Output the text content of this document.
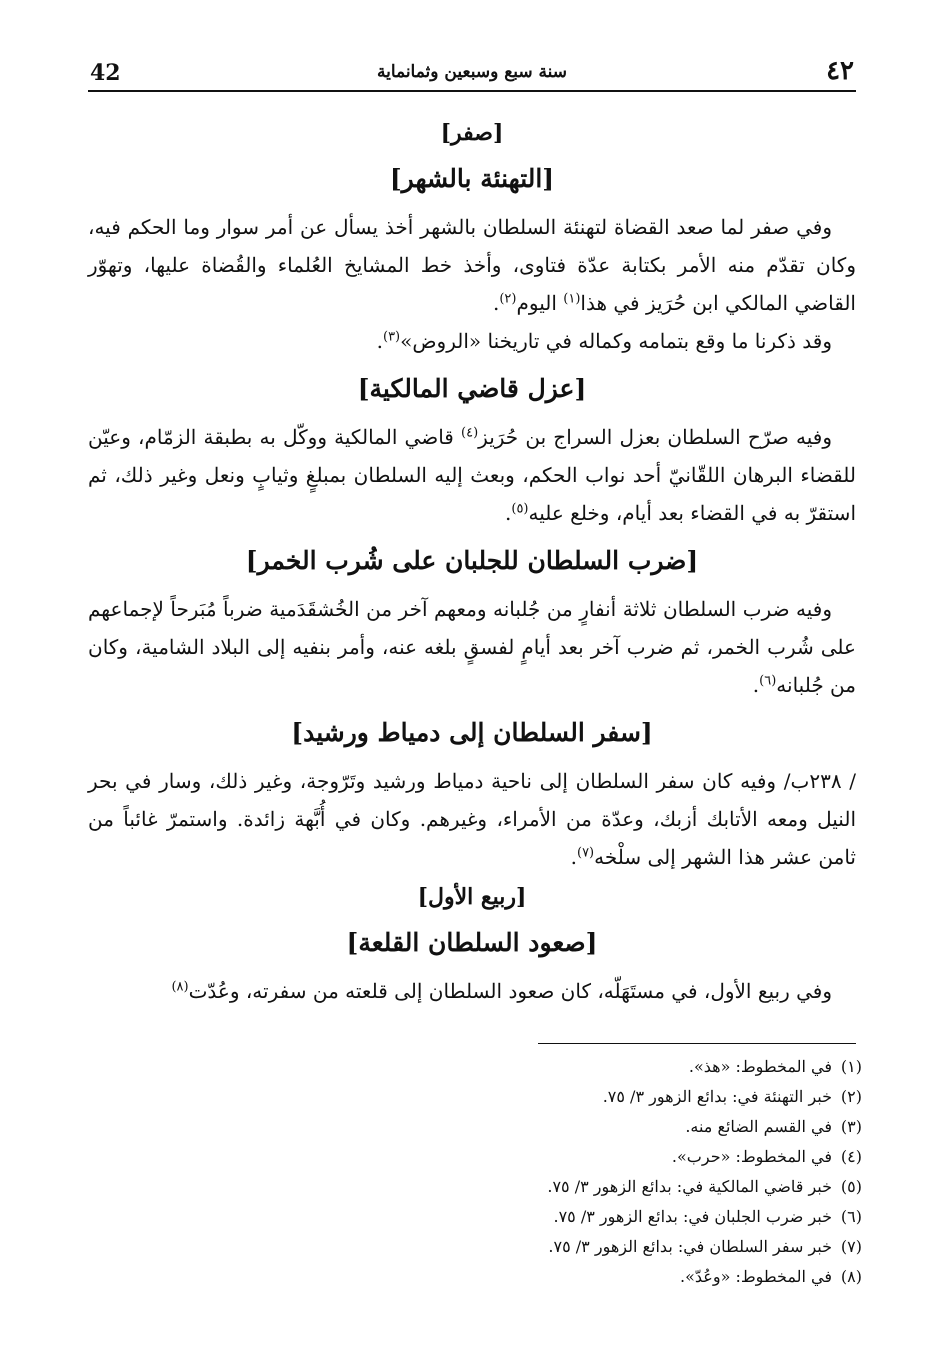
42	سنة سبع وسبعين وثمانماية	٤٢
[صفر]
[التهنئة بالشهر]

وفي صفر لما صعد القضاة لتهنئة السلطان بالشهر أخذ يسأل عن أمر سوار وما الحكم فيه، وكان تقدّم منه الأمر بكتابة عدّة فتاوى، وأخذ خط المشايخ العُلماء والقُضاة عليها، وتهوّر القاضي المالكي ابن حُرَيز في هذا$^{(١)}$ اليوم$^{(٢)}$.

وقد ذكرنا ما وقع بتمامه وكماله في تاريخنا «الروض»$^{(٣)}$.

[عزل قاضي المالكية]

وفيه صرّح السلطان بعزل السراج بن حُرَيز$^{(٤)}$ قاضي المالكية ووكّل به بطبقة الزمّام، وعيّن للقضاء البرهان اللقّانيّ أحد نواب الحكم، وبعث إليه السلطان بمبلغٍ وثيابٍ ونعل وغير ذلك، ثم استقرّ به في القضاء بعد أيام، وخلع عليه$^{(٥)}$.

[ضرب السلطان للجلبان على شُرب الخمر]

وفيه ضرب السلطان ثلاثة أنفارٍ من جُلبانه ومعهم آخر من الخُشقَدَمية ضرباً مُبَرحاً لإجماعهم على شُرب الخمر، ثم ضرب آخر بعد أيامٍ لفسقٍ بلغه عنه، وأمر بنفيه إلى البلاد الشامية، وكان من جُلبانه$^{(٦)}$.

[سفر السلطان إلى دمياط ورشيد]

/ ٢٣٨ب/ وفيه كان سفر السلطان إلى ناحية دمياط ورشيد وتَرّوجة، وغير ذلك، وسار في بحر النيل ومعه الأتابك أزبك، وعدّة من الأمراء، وغيرهم. وكان في أُبَّهة زائدة. واستمرّ غائباً من ثامن عشر هذا الشهر إلى سلْخه$^{(٧)}$.

[ربيع الأول]
[صعود السلطان القلعة]

وفي ربيع الأول، في مستَهَلّه، كان صعود السلطان إلى قلعته من سفرته، وعُدّت$^{(٨)}$

(١)في المخطوط: «هذ».
(٢)خبر التهنئة في: بدائع الزهور ٣/ ٧٥.
(٣)في القسم الضائع منه.
(٤)في المخطوط: «حرب».
(٥)خبر قاضي المالكية في: بدائع الزهور ٣/ ٧٥.
(٦)خبر ضرب الجلبان في: بدائع الزهور ٣/ ٧٥.
(٧)خبر سفر السلطان في: بدائع الزهور ٣/ ٧٥.
(٨)في المخطوط: «وعُدّ».
